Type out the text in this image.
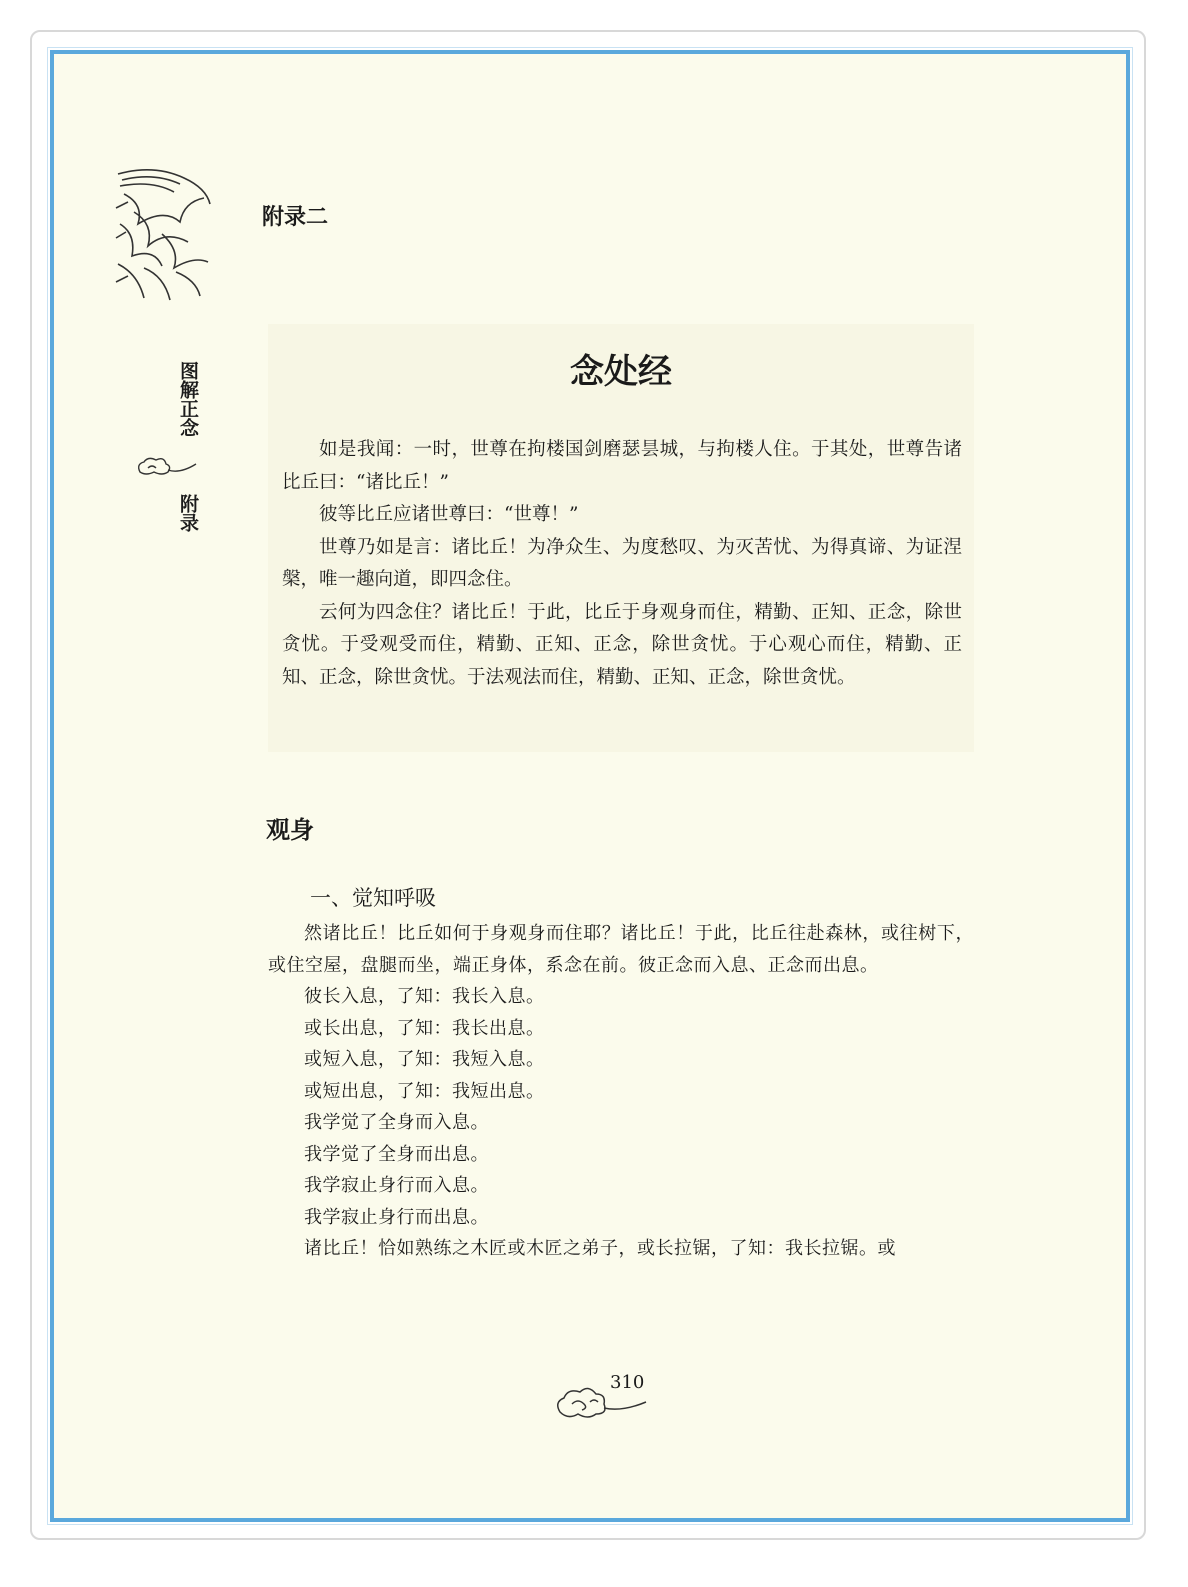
图解正念
附录
附录二
念处经

如是我闻：一时，世尊在拘楼国剑磨瑟昙城，与拘楼人住。于其处，世尊告诸比丘曰：“诸比丘！”

彼等比丘应诸世尊曰：“世尊！”

世尊乃如是言：诸比丘！为净众生、为度愁叹、为灭苦忧、为得真谛、为证涅槃，唯一趣向道，即四念住。

云何为四念住？诸比丘！于此，比丘于身观身而住，精勤、正知、正念，除世贪忧。于受观受而住，精勤、正知、正念，除世贪忧。于心观心而住，精勤、正知、正念，除世贪忧。于法观法而住，精勤、正知、正念，除世贪忧。

观身
一、觉知呼吸

然诸比丘！比丘如何于身观身而住耶？诸比丘！于此，比丘往赴森林，或往树下，或住空屋，盘腿而坐，端正身体，系念在前。彼正念而入息、正念而出息。

彼长入息，了知：我长入息。

或长出息，了知：我长出息。

或短入息，了知：我短入息。

或短出息，了知：我短出息。

我学觉了全身而入息。

我学觉了全身而出息。

我学寂止身行而入息。

我学寂止身行而出息。

诸比丘！恰如熟练之木匠或木匠之弟子，或长拉锯，了知：我长拉锯。或

310
